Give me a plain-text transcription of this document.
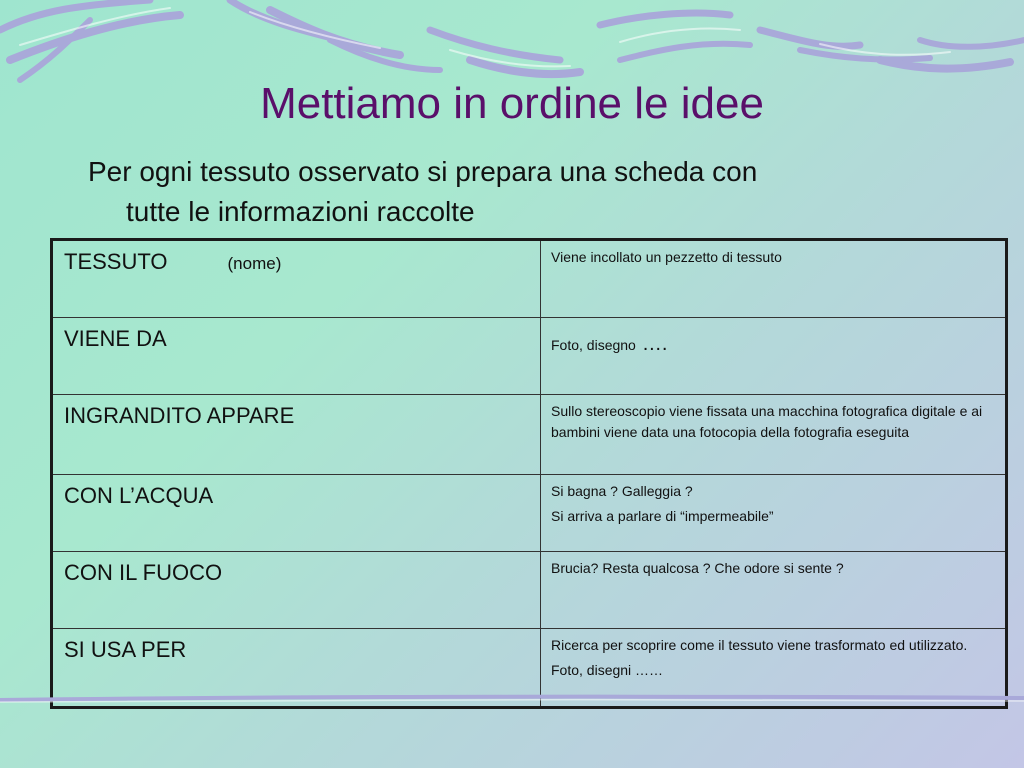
Mettiamo in ordine le idee
Per ogni tessuto osservato si prepara una scheda con
tutte le informazioni raccolte
TESSUTO (nome)	Viene incollato un pezzetto di tessuto

VIENE DA	Foto, disegno ….

INGRANDITO APPARE	Sullo stereoscopio viene fissata una macchina fotografica digitale e ai bambini viene data una fotocopia della fotografia eseguita

CON L’ACQUA	Si bagna ? Galleggia ?
Si arriva a parlare di “impermeabile”

CON IL FUOCO	Brucia? Resta qualcosa ? Che odore si sente ?

SI USA PER	Ricerca per scoprire come il tessuto viene trasformato ed utilizzato.
Foto, disegni ……
